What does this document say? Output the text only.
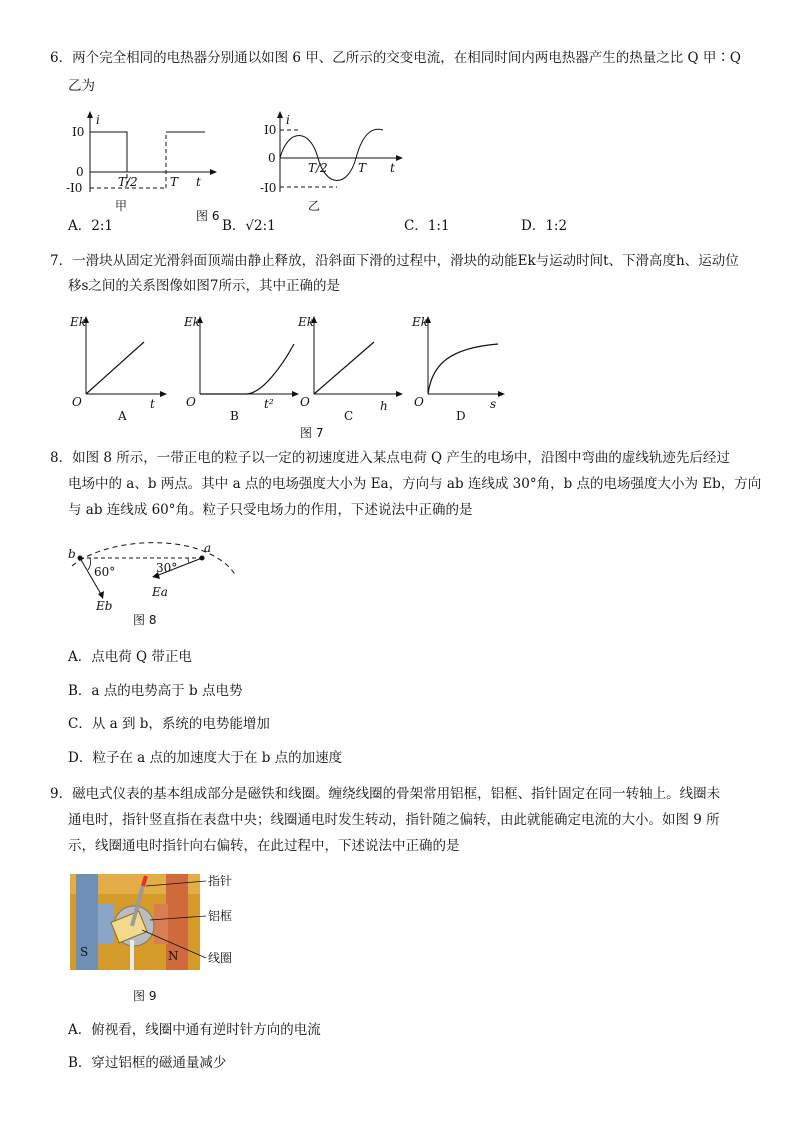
6．两个完全相同的电热器分别通以如图 6 甲、乙所示的交变电流，在相同时间内两电热器产生的热量之比 Q 甲∶Q
乙为
i
I0
0
-I0	T/2	T t
甲
i
I0
0
-I0
T/2	T t
乙
图 6
A．2:1	B．√2:1	C．1:1	D．1:2
7．一滑块从固定光滑斜面顶端由静止释放，沿斜面下滑的过程中，滑块的动能Ek与运动时间t、下滑高度h、运动位
移s之间的关系图像如图7所示，其中正确的是
Ek
O	t
A
Ek
O	t²
B
Ek
O	h
C
Ek
O	s
D
图 7
8．如图 8 所示，一带正电的粒子以一定的初速度进入某点电荷 Q 产生的电场中，沿图中弯曲的虚线轨迹先后经过
电场中的 a、b 两点。其中 a 点的电场强度大小为 Ea，方向与 ab 连线成 30°角，b 点的电场强度大小为 Eb，方向
与 ab 连线成 60°角。粒子只受电场力的作用，下述说法中正确的是
b	a
60°	30°
Eb
Ea
图 8
A．点电荷 Q 带正电
B．a 点的电势高于 b 点电势
C．从 a 到 b，系统的电势能增加
D．粒子在 a 点的加速度大于在 b 点的加速度
9．磁电式仪表的基本组成部分是磁铁和线圈。缠绕线圈的骨架常用铝框，铝框、指针固定在同一转轴上。线圈未
通电时，指针竖直指在表盘中央；线圈通电时发生转动，指针随之偏转，由此就能确定电流的大小。如图 9 所
示，线圈通电时指针向右偏转，在此过程中，下述说法中正确的是
S	N
指针
铝框
线圈
图 9
A．俯视看，线圈中通有逆时针方向的电流
B．穿过铝框的磁通量减少
